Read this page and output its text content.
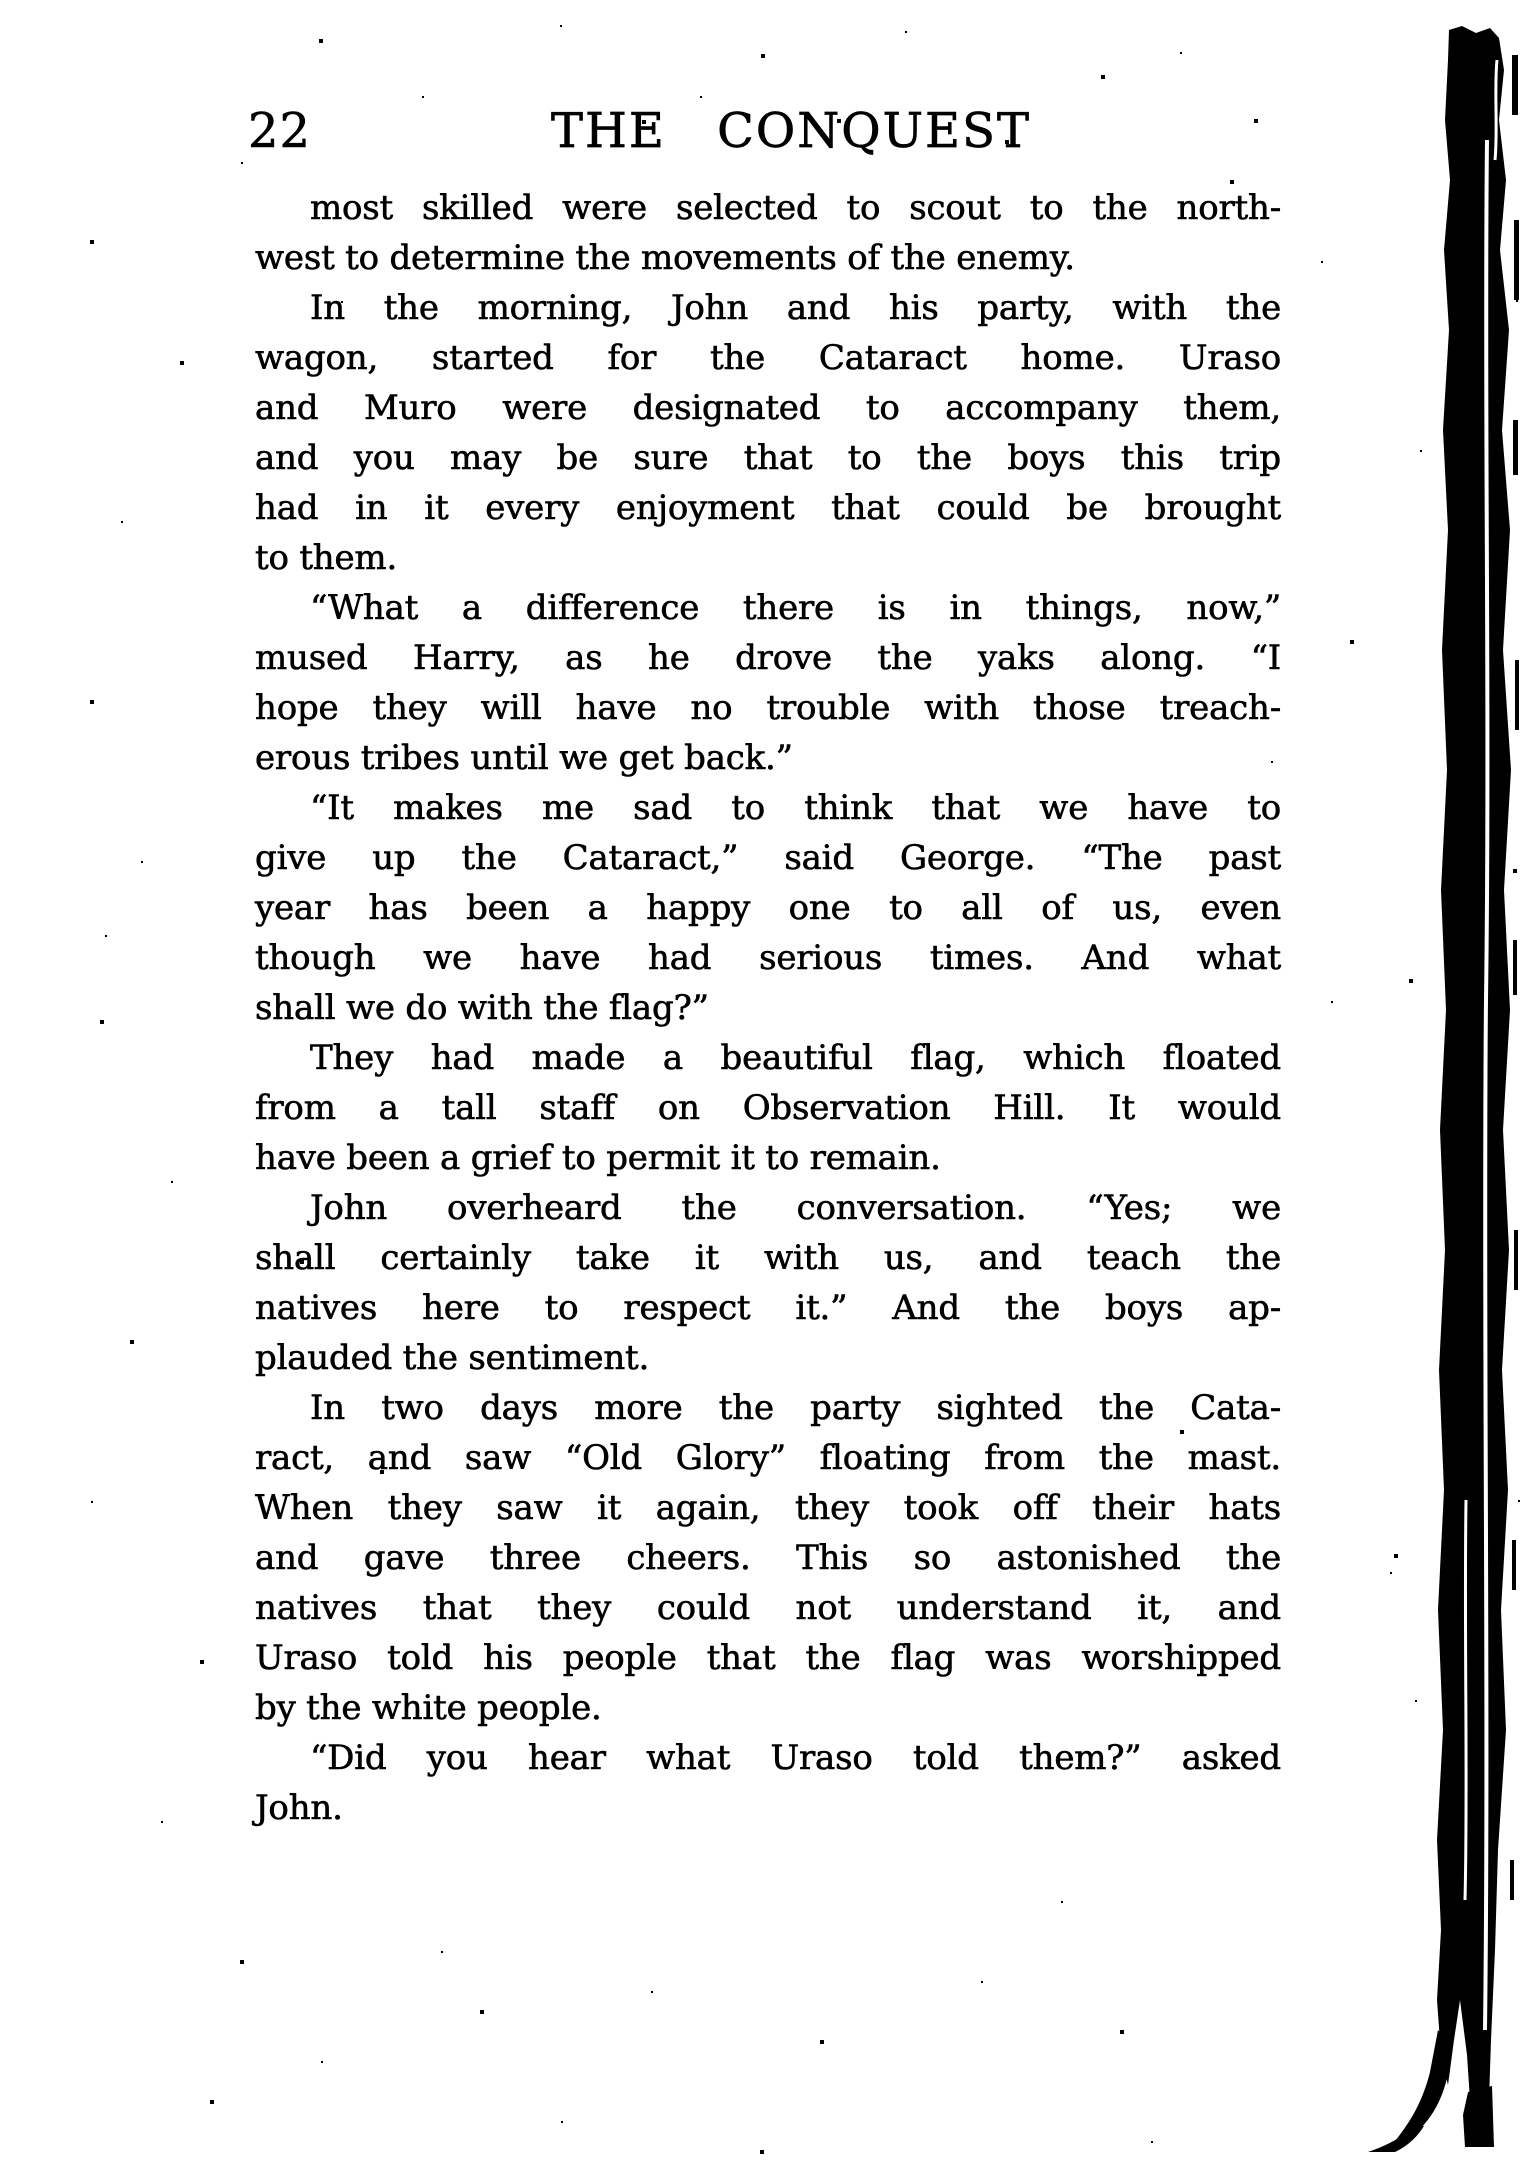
22	THE CONQUEST
most skilled were selected to scout to the north-
west to determine the movements of the enemy.
In the morning, John and his party, with the
wagon, started for the Cataract home. Uraso
and Muro were designated to accompany them,
and you may be sure that to the boys this trip
had in it every enjoyment that could be brought
to them.
“What a difference there is in things, now,”
mused Harry, as he drove the yaks along. “I
hope they will have no trouble with those treach-
erous tribes until we get back.”
“It makes me sad to think that we have to
give up the Cataract,” said George. “The past
year has been a happy one to all of us, even
though we have had serious times. And what
shall we do with the flag?”
They had made a beautiful flag, which floated
from a tall staff on Observation Hill. It would
have been a grief to permit it to remain.
John overheard the conversation. “Yes; we
shall certainly take it with us, and teach the
natives here to respect it.” And the boys ap-
plauded the sentiment.
In two days more the party sighted the Cata-
ract, and saw “Old Glory” floating from the mast.
When they saw it again, they took off their hats
and gave three cheers. This so astonished the
natives that they could not understand it, and
Uraso told his people that the flag was worshipped
by the white people.
“Did you hear what Uraso told them?” asked
John.
